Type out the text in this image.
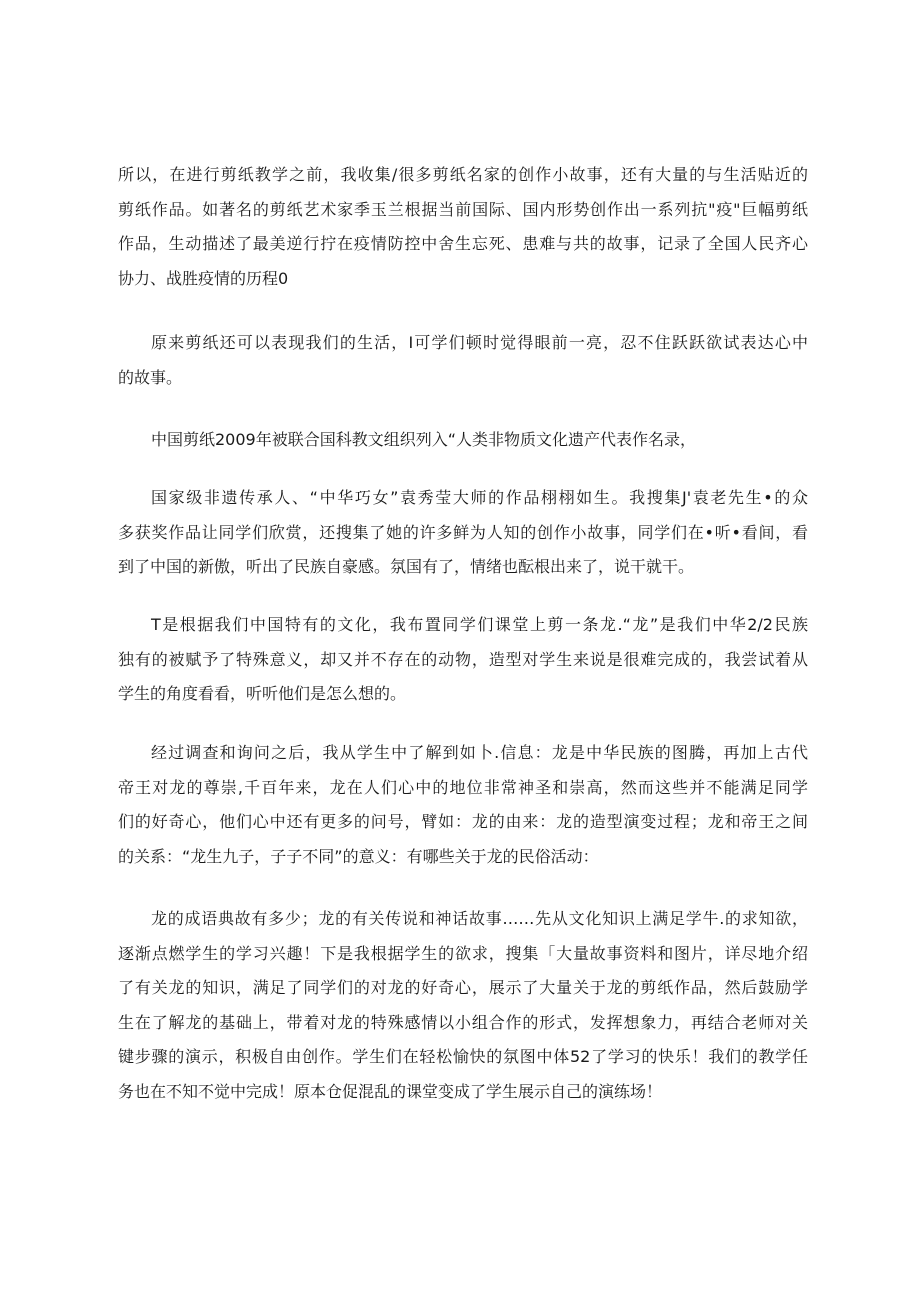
所以，在进行剪纸教学之前，我收集/很多剪纸名家的创作小故事，还有大量的与生活贴近的
剪纸作品。如著名的剪纸艺术家季玉兰根据当前国际、国内形势创作出一系列抗"疫"巨幅剪纸
作品，生动描述了最美逆行拧在疫情防控中舍生忘死、患难与共的故事，记录了全国人民齐心
协力、战胜疫情的历程0
原来剪纸还可以表现我们的生活，I可学们顿时觉得眼前一亮，忍不住跃跃欲试表达心中
的故事。
中国剪纸2009年被联合国科教文组织列入“人类非物质文化遗产代表作名录，
国家级非遗传承人、“中华巧女”袁秀莹大师的作品栩栩如生。我搜集J'袁老先生•的众
多获奖作品让同学们欣赏，还搜集了她的许多鲜为人知的创作小故事，同学们在•听•看间，看
到了中国的新傲，听出了民族自豪感。氛国有了，情绪也酝根出来了，说干就干。
T是根据我们中国特有的文化，我布置同学们课堂上剪一条龙.“龙”是我们中华2/2民族
独有的被赋予了特殊意义，却又并不存在的动物，造型对学生来说是很难完成的，我尝试着从
学生的角度看看，听听他们是怎么想的。
经过调查和询问之后，我从学生中了解到如卜.信息：龙是中华民族的图腾，再加上古代
帝王对龙的尊崇,千百年来，龙在人们心中的地位非常神圣和崇高，然而这些并不能满足同学
们的好奇心，他们心中还有更多的问号，臂如：龙的由来：龙的造型演变过程；龙和帝王之间
的关系：“龙生九子，子子不同”的意义：有哪些关于龙的民俗活动：
龙的成语典故有多少；龙的有关传说和神话故事……先从文化知识上满足学牛.的求知欲，
逐渐点燃学生的学习兴趣！下是我根据学生的欲求，搜集「大量故事资料和图片，详尽地介绍
了有关龙的知识，满足了同学们的对龙的好奇心，展示了大量关于龙的剪纸作品，然后鼓励学
生在了解龙的基础上，带着对龙的特殊感情以小组合作的形式，发挥想象力，再结合老师对关
键步骤的演示，积极自由创作。学生们在轻松愉快的氛图中体52了学习的快乐！我们的教学任
务也在不知不觉中完成！原本仓促混乱的课堂变成了学生展示自己的演练场！
